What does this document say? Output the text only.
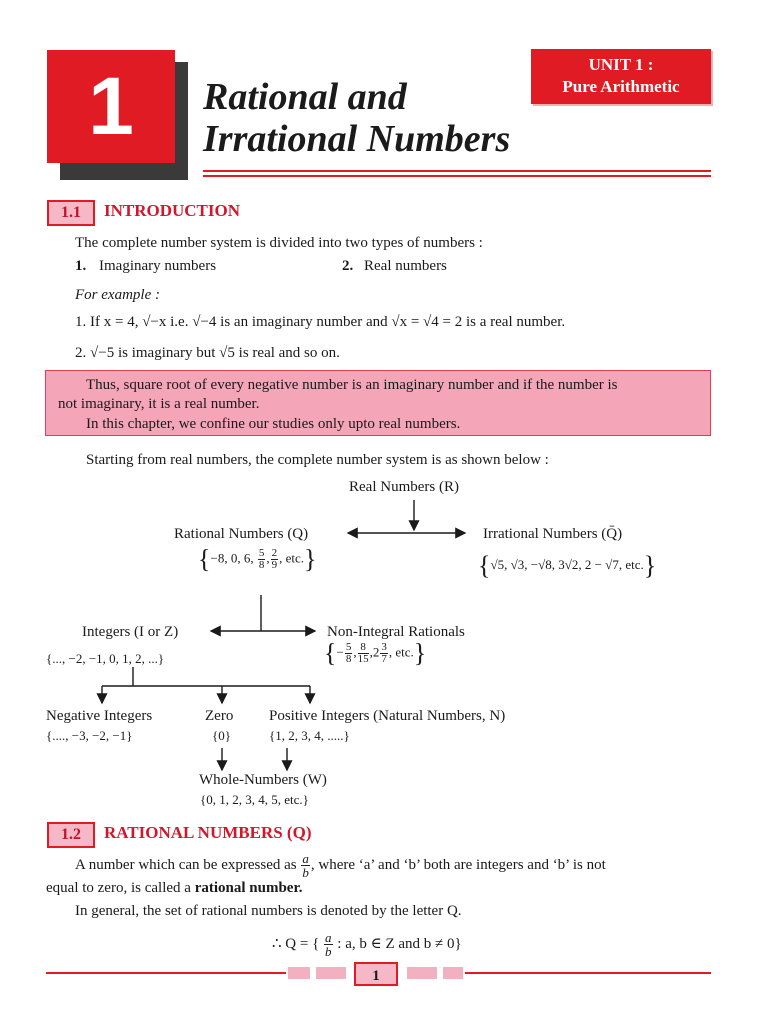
1 Rational and
Irrational Numbers
UNIT 1 :
Pure Arithmetic
1.1	INTRODUCTION
The complete number system is divided into two types of numbers :
1. Imaginary numbers	2. Real numbers
For example :
1. If x = 4, √−x i.e. √−4 is an imaginary number and √x = √4 = 2 is a real number.
2. √−5 is imaginary but √5 is real and so on.
Thus, square root of every negative number is an imaginary number and if the number is
not imaginary, it is a real number.
In this chapter, we confine our studies only upto real numbers.
Starting from real numbers, the complete number system is as shown below :
Real Numbers (R)
Rational Numbers (Q)
{−8, 0, 6, $\frac{5}{8}$ , $\frac{2}{9}$ , etc.}
Irrational Numbers (Q̄)
{√5, √3, −√8, 3√2, 2 − √7, etc.}
Integers (I or Z)
{..., −2, −1, 0, 1, 2, ...}
Non-Integral Rationals
{− $\frac{5}{8}$ , $\frac{8}{15} ,2 \frac{3}{7}$ , etc.}
Negative Integers
{...., −3, −2, −1}
Zero
{0}
Positive Integers (Natural Numbers, N)
{1, 2, 3, 4, .....}
Whole-Numbers (W)
{0, 1, 2, 3, 4, 5, etc.}
1.2	RATIONAL NUMBERS (Q)
A number which can be expressed as $\frac{a}{b}$ , where ‘a’ and ‘b’ both are integers and ‘b’ is not
equal to zero, is called a rational number.
In general, the set of rational numbers is denoted by the letter Q.
∴ Q = { $\frac{a}{b}$ : a, b ∈ Z and b ≠ 0}
1
